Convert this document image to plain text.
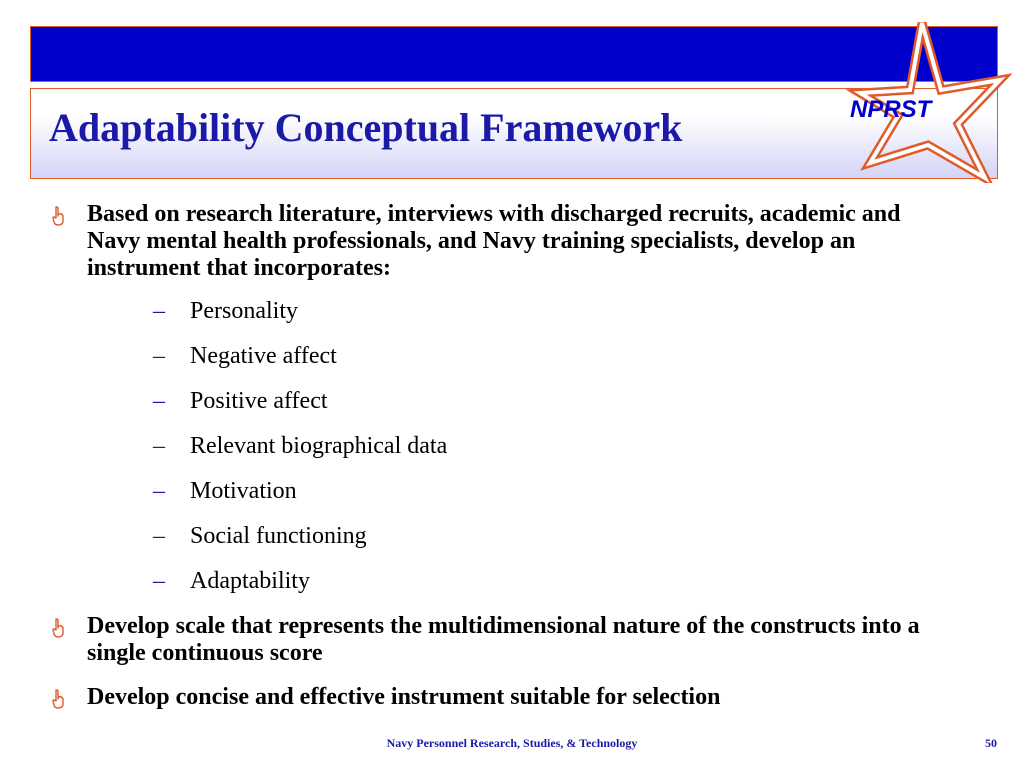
NPRST
Adaptability Conceptual Framework
Based on research literature, interviews with discharged recruits, academic and Navy mental health professionals, and Navy training specialists, develop an instrument that incorporates:
– Personality
– Negative affect
– Positive affect
– Relevant biographical data
– Motivation
– Social functioning
– Adaptability
Develop scale that represents the multidimensional nature of the constructs into a single continuous score
Develop concise and effective instrument suitable for selection
Navy Personnel Research, Studies, & Technology	50
